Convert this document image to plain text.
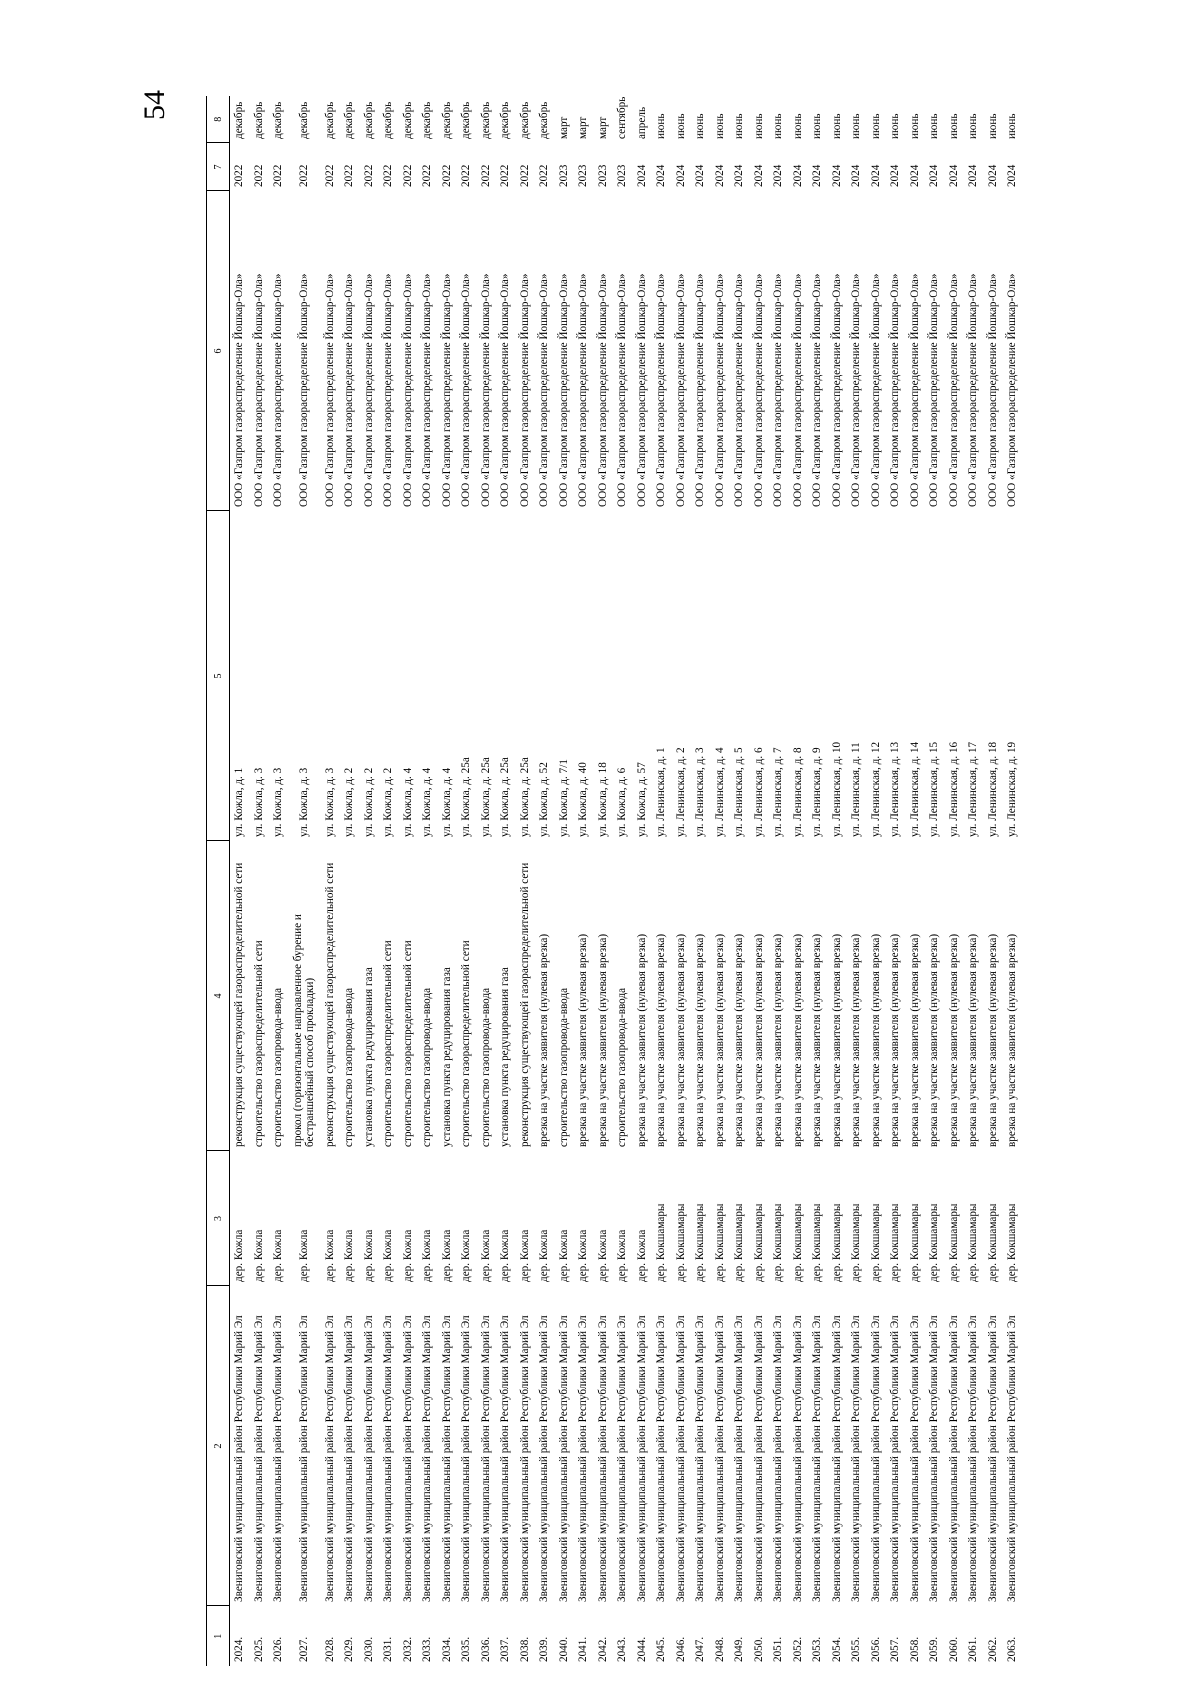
54
1	2	3	4	5	6	7	8
2024.	Звениговский муниципальный район Республики Марий Эл	дер. Кожла	реконструкция существующей газораспределительной сети	ул. Кожла, д. 1	ООО «Газпром газораспределение Йошкар-Ола»	2022	декабрь
2025.	Звениговский муниципальный район Республики Марий Эл	дер. Кожла	строительство газораспределительной сети	ул. Кожла, д. 3	ООО «Газпром газораспределение Йошкар-Ола»	2022	декабрь
2026.	Звениговский муниципальный район Республики Марий Эл	дер. Кожла	строительство газопровода-ввода	ул. Кожла, д. 3	ООО «Газпром газораспределение Йошкар-Ола»	2022	декабрь
2027.	Звениговский муниципальный район Республики Марий Эл	дер. Кожла	прокол (горизонтальное направленное бурение и бестраншейный способ прокладки)	ул. Кожла, д. 3	ООО «Газпром газораспределение Йошкар-Ола»	2022	декабрь
2028.	Звениговский муниципальный район Республики Марий Эл	дер. Кожла	реконструкция существующей газораспределительной сети	ул. Кожла, д. 3	ООО «Газпром газораспределение Йошкар-Ола»	2022	декабрь
2029.	Звениговский муниципальный район Республики Марий Эл	дер. Кожла	строительство газопровода-ввода	ул. Кожла, д. 2	ООО «Газпром газораспределение Йошкар-Ола»	2022	декабрь
2030.	Звениговский муниципальный район Республики Марий Эл	дер. Кожла	установка пункта редуцирования газа	ул. Кожла, д. 2	ООО «Газпром газораспределение Йошкар-Ола»	2022	декабрь
2031.	Звениговский муниципальный район Республики Марий Эл	дер. Кожла	строительство газораспределительной сети	ул. Кожла, д. 2	ООО «Газпром газораспределение Йошкар-Ола»	2022	декабрь
2032.	Звениговский муниципальный район Республики Марий Эл	дер. Кожла	строительство газораспределительной сети	ул. Кожла, д. 4	ООО «Газпром газораспределение Йошкар-Ола»	2022	декабрь
2033.	Звениговский муниципальный район Республики Марий Эл	дер. Кожла	строительство газопровода-ввода	ул. Кожла, д. 4	ООО «Газпром газораспределение Йошкар-Ола»	2022	декабрь
2034.	Звениговский муниципальный район Республики Марий Эл	дер. Кожла	установка пункта редуцирования газа	ул. Кожла, д. 4	ООО «Газпром газораспределение Йошкар-Ола»	2022	декабрь
2035.	Звениговский муниципальный район Республики Марий Эл	дер. Кожла	строительство газораспределительной сети	ул. Кожла, д. 25а	ООО «Газпром газораспределение Йошкар-Ола»	2022	декабрь
2036.	Звениговский муниципальный район Республики Марий Эл	дер. Кожла	строительство газопровода-ввода	ул. Кожла, д. 25а	ООО «Газпром газораспределение Йошкар-Ола»	2022	декабрь
2037.	Звениговский муниципальный район Республики Марий Эл	дер. Кожла	установка пункта редуцирования газа	ул. Кожла, д. 25а	ООО «Газпром газораспределение Йошкар-Ола»	2022	декабрь
2038.	Звениговский муниципальный район Республики Марий Эл	дер. Кожла	реконструкция существующей газораспределительной сети	ул. Кожла, д. 25а	ООО «Газпром газораспределение Йошкар-Ола»	2022	декабрь
2039.	Звениговский муниципальный район Республики Марий Эл	дер. Кожла	врезка на участке заявителя (нулевая врезка)	ул. Кожла, д. 52	ООО «Газпром газораспределение Йошкар-Ола»	2022	декабрь
2040.	Звениговский муниципальный район Республики Марий Эл	дер. Кожла	строительство газопровода-ввода	ул. Кожла, д. 7/1	ООО «Газпром газораспределение Йошкар-Ола»	2023	март
2041.	Звениговский муниципальный район Республики Марий Эл	дер. Кожла	врезка на участке заявителя (нулевая врезка)	ул. Кожла, д. 40	ООО «Газпром газораспределение Йошкар-Ола»	2023	март
2042.	Звениговский муниципальный район Республики Марий Эл	дер. Кожла	врезка на участке заявителя (нулевая врезка)	ул. Кожла, д. 18	ООО «Газпром газораспределение Йошкар-Ола»	2023	март
2043.	Звениговский муниципальный район Республики Марий Эл	дер. Кожла	строительство газопровода-ввода	ул. Кожла, д. 6	ООО «Газпром газораспределение Йошкар-Ола»	2023	сентябрь
2044.	Звениговский муниципальный район Республики Марий Эл	дер. Кожла	врезка на участке заявителя (нулевая врезка)	ул. Кожла, д. 57	ООО «Газпром газораспределение Йошкар-Ола»	2024	апрель
2045.	Звениговский муниципальный район Республики Марий Эл	дер. Кокшамары	врезка на участке заявителя (нулевая врезка)	ул. Ленинская, д. 1	ООО «Газпром газораспределение Йошкар-Ола»	2024	июнь
2046.	Звениговский муниципальный район Республики Марий Эл	дер. Кокшамары	врезка на участке заявителя (нулевая врезка)	ул. Ленинская, д. 2	ООО «Газпром газораспределение Йошкар-Ола»	2024	июнь
2047.	Звениговский муниципальный район Республики Марий Эл	дер. Кокшамары	врезка на участке заявителя (нулевая врезка)	ул. Ленинская, д. 3	ООО «Газпром газораспределение Йошкар-Ола»	2024	июнь
2048.	Звениговский муниципальный район Республики Марий Эл	дер. Кокшамары	врезка на участке заявителя (нулевая врезка)	ул. Ленинская, д. 4	ООО «Газпром газораспределение Йошкар-Ола»	2024	июнь
2049.	Звениговский муниципальный район Республики Марий Эл	дер. Кокшамары	врезка на участке заявителя (нулевая врезка)	ул. Ленинская, д. 5	ООО «Газпром газораспределение Йошкар-Ола»	2024	июнь
2050.	Звениговский муниципальный район Республики Марий Эл	дер. Кокшамары	врезка на участке заявителя (нулевая врезка)	ул. Ленинская, д. 6	ООО «Газпром газораспределение Йошкар-Ола»	2024	июнь
2051.	Звениговский муниципальный район Республики Марий Эл	дер. Кокшамары	врезка на участке заявителя (нулевая врезка)	ул. Ленинская, д. 7	ООО «Газпром газораспределение Йошкар-Ола»	2024	июнь
2052.	Звениговский муниципальный район Республики Марий Эл	дер. Кокшамары	врезка на участке заявителя (нулевая врезка)	ул. Ленинская, д. 8	ООО «Газпром газораспределение Йошкар-Ола»	2024	июнь
2053.	Звениговский муниципальный район Республики Марий Эл	дер. Кокшамары	врезка на участке заявителя (нулевая врезка)	ул. Ленинская, д. 9	ООО «Газпром газораспределение Йошкар-Ола»	2024	июнь
2054.	Звениговский муниципальный район Республики Марий Эл	дер. Кокшамары	врезка на участке заявителя (нулевая врезка)	ул. Ленинская, д. 10	ООО «Газпром газораспределение Йошкар-Ола»	2024	июнь
2055.	Звениговский муниципальный район Республики Марий Эл	дер. Кокшамары	врезка на участке заявителя (нулевая врезка)	ул. Ленинская, д. 11	ООО «Газпром газораспределение Йошкар-Ола»	2024	июнь
2056.	Звениговский муниципальный район Республики Марий Эл	дер. Кокшамары	врезка на участке заявителя (нулевая врезка)	ул. Ленинская, д. 12	ООО «Газпром газораспределение Йошкар-Ола»	2024	июнь
2057.	Звениговский муниципальный район Республики Марий Эл	дер. Кокшамары	врезка на участке заявителя (нулевая врезка)	ул. Ленинская, д. 13	ООО «Газпром газораспределение Йошкар-Ола»	2024	июнь
2058.	Звениговский муниципальный район Республики Марий Эл	дер. Кокшамары	врезка на участке заявителя (нулевая врезка)	ул. Ленинская, д. 14	ООО «Газпром газораспределение Йошкар-Ола»	2024	июнь
2059.	Звениговский муниципальный район Республики Марий Эл	дер. Кокшамары	врезка на участке заявителя (нулевая врезка)	ул. Ленинская, д. 15	ООО «Газпром газораспределение Йошкар-Ола»	2024	июнь
2060.	Звениговский муниципальный район Республики Марий Эл	дер. Кокшамары	врезка на участке заявителя (нулевая врезка)	ул. Ленинская, д. 16	ООО «Газпром газораспределение Йошкар-Ола»	2024	июнь
2061.	Звениговский муниципальный район Республики Марий Эл	дер. Кокшамары	врезка на участке заявителя (нулевая врезка)	ул. Ленинская, д. 17	ООО «Газпром газораспределение Йошкар-Ола»	2024	июнь
2062.	Звениговский муниципальный район Республики Марий Эл	дер. Кокшамары	врезка на участке заявителя (нулевая врезка)	ул. Ленинская, д. 18	ООО «Газпром газораспределение Йошкар-Ола»	2024	июнь
2063.	Звениговский муниципальный район Республики Марий Эл	дер. Кокшамары	врезка на участке заявителя (нулевая врезка)	ул. Ленинская, д. 19	ООО «Газпром газораспределение Йошкар-Ола»	2024	июнь
